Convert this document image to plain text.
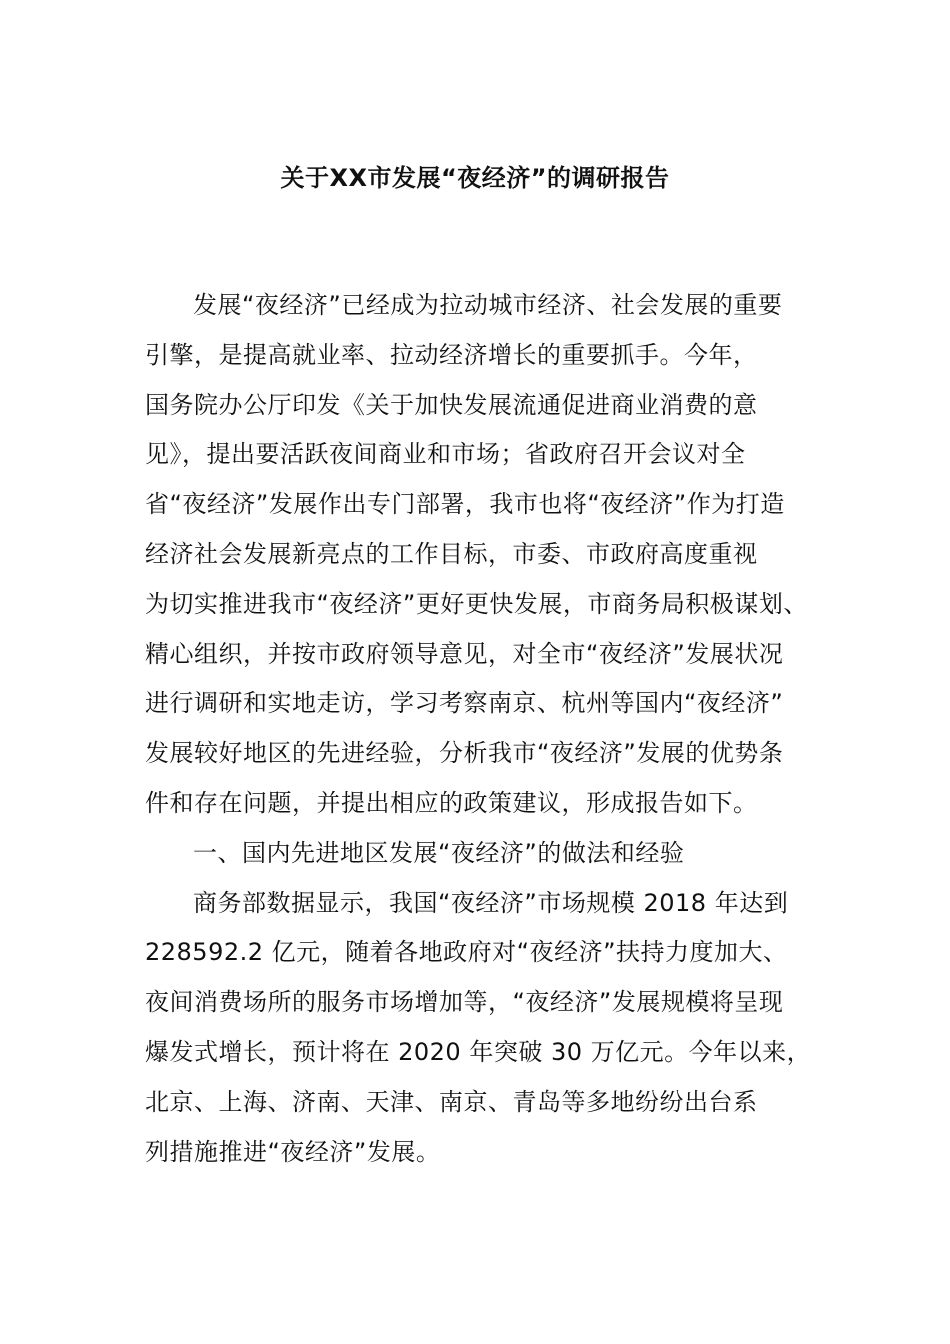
关于XX市发展“夜经济”的调研报告
发展“夜经济”已经成为拉动城市经济、社会发展的重要
引擎，是提高就业率、拉动经济增长的重要抓手。今年，
国务院办公厅印发《关于加快发展流通促进商业消费的意
见》，提出要活跃夜间商业和市场；省政府召开会议对全
省“夜经济”发展作出专门部署，我市也将“夜经济”作为打造
经济社会发展新亮点的工作目标，市委、市政府高度重视
为切实推进我市“夜经济”更好更快发展，市商务局积极谋划、
精心组织，并按市政府领导意见，对全市“夜经济”发展状况
进行调研和实地走访，学习考察南京、杭州等国内“夜经济”
发展较好地区的先进经验，分析我市“夜经济”发展的优势条
件和存在问题，并提出相应的政策建议，形成报告如下。
一、国内先进地区发展“夜经济”的做法和经验
商务部数据显示，我国“夜经济”市场规模 2018 年达到
228592.2 亿元，随着各地政府对“夜经济”扶持力度加大、
夜间消费场所的服务市场增加等，“夜经济”发展规模将呈现
爆发式增长，预计将在 2020 年突破 30 万亿元。今年以来，
北京、上海、济南、天津、南京、青岛等多地纷纷出台系
列措施推进“夜经济”发展。
